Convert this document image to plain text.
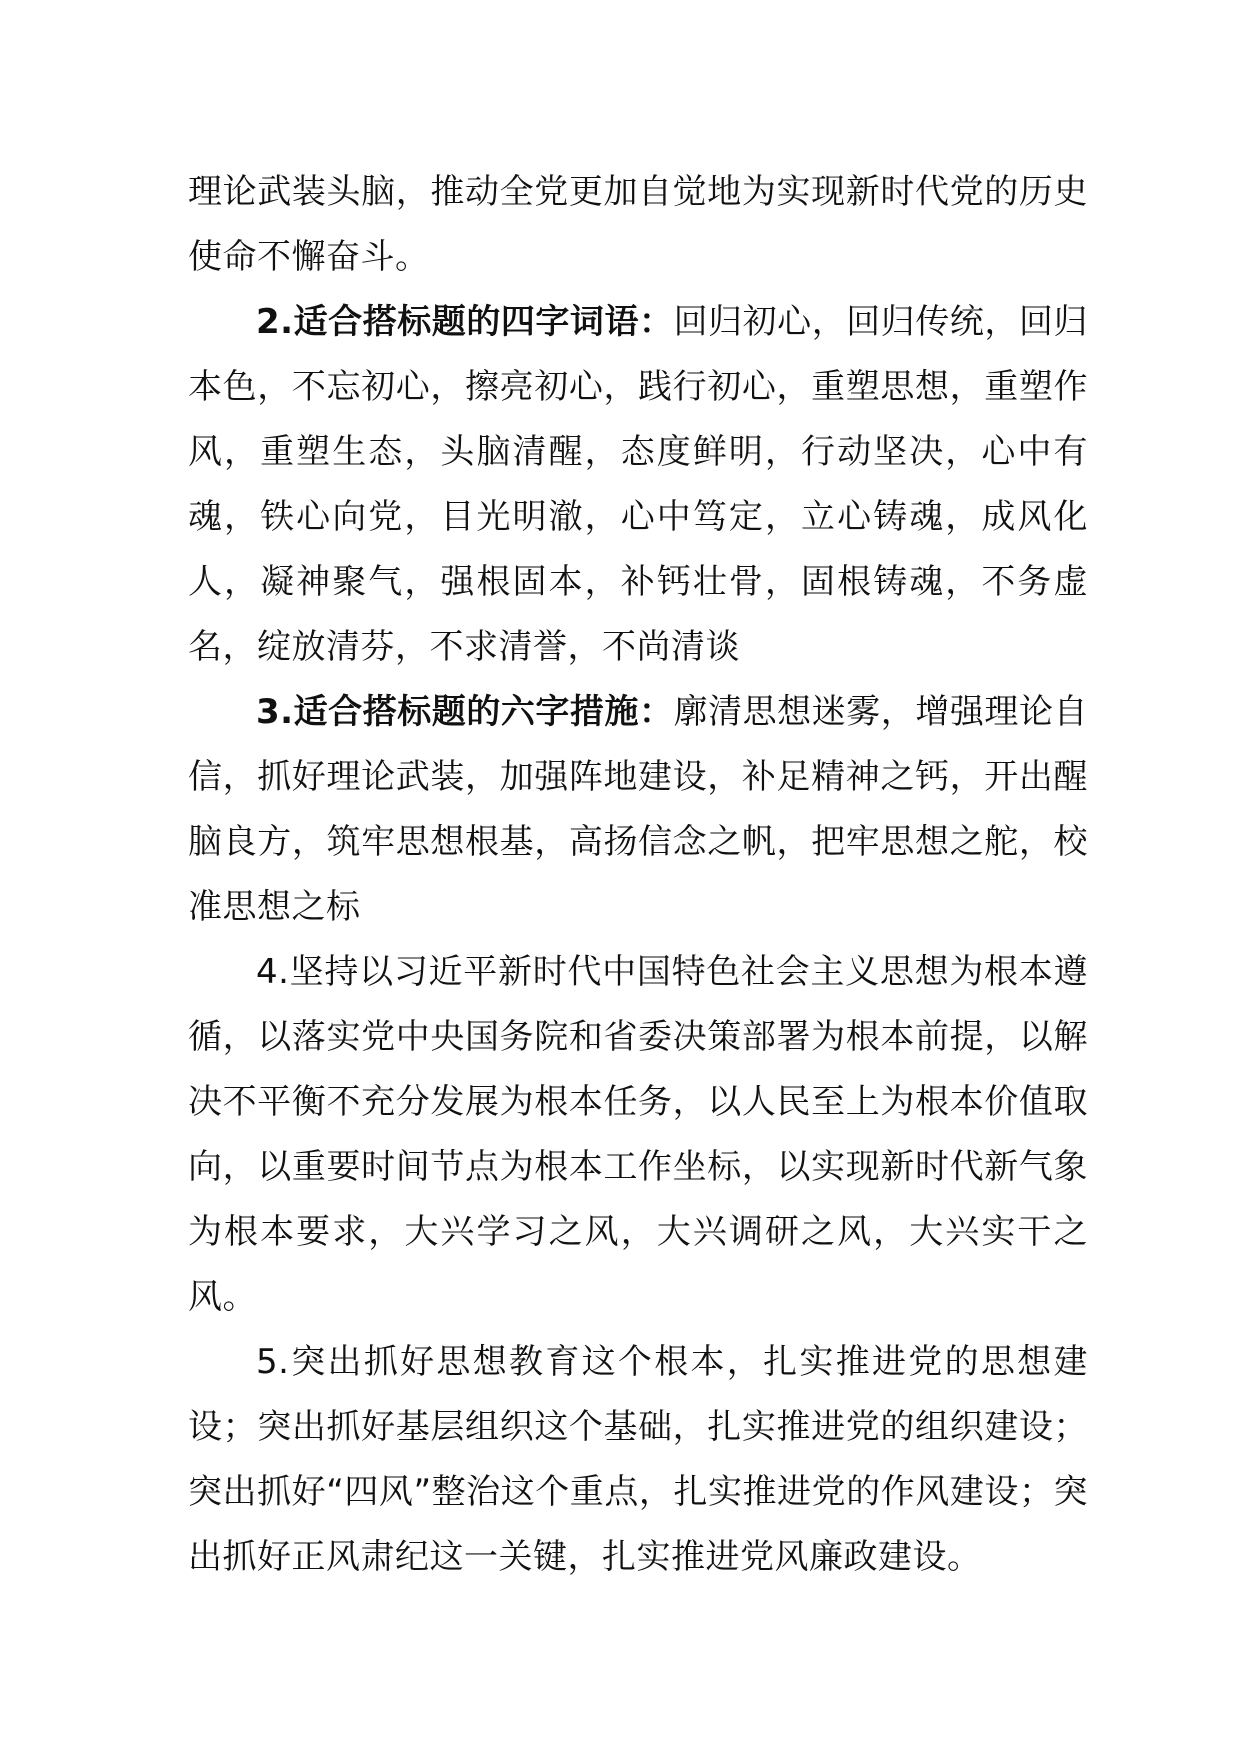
理论武装头脑，推动全党更加自觉地为实现新时代党的历史使命不懈奋斗。

2.适合搭标题的四字词语：回归初心，回归传统，回归本色，不忘初心，擦亮初心，践行初心，重塑思想，重塑作风，重塑生态，头脑清醒，态度鲜明，行动坚决，心中有魂，铁心向党，目光明澈，心中笃定，立心铸魂，成风化人，凝神聚气，强根固本，补钙壮骨，固根铸魂，不务虚名，绽放清芬，不求清誉，不尚清谈

3.适合搭标题的六字措施：廓清思想迷雾，增强理论自信，抓好理论武装，加强阵地建设，补足精神之钙，开出醒脑良方，筑牢思想根基，高扬信念之帆，把牢思想之舵，校准思想之标

4.坚持以习近平新时代中国特色社会主义思想为根本遵循，以落实党中央国务院和省委决策部署为根本前提，以解决不平衡不充分发展为根本任务，以人民至上为根本价值取向，以重要时间节点为根本工作坐标，以实现新时代新气象为根本要求，大兴学习之风，大兴调研之风，大兴实干之风。

5.突出抓好思想教育这个根本，扎实推进党的思想建设；突出抓好基层组织这个基础，扎实推进党的组织建设；突出抓好“四风”整治这个重点，扎实推进党的作风建设；突出抓好正风肃纪这一关键，扎实推进党风廉政建设。
